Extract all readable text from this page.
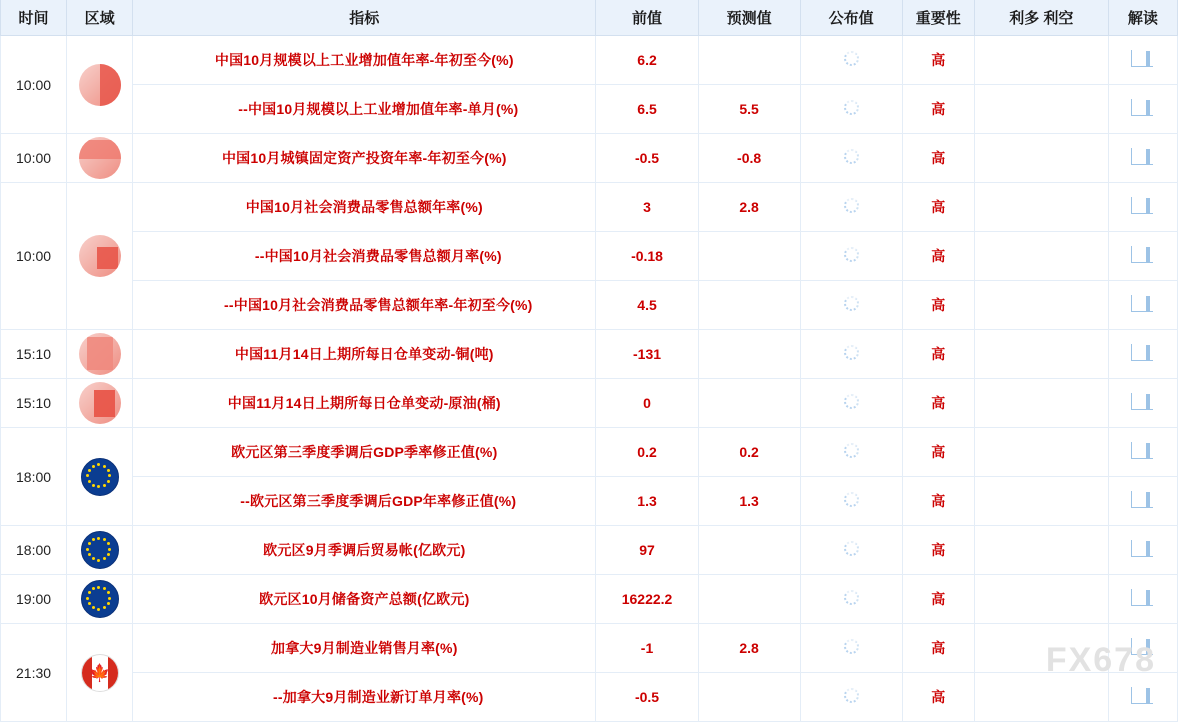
时间	区域	指标	前值	预测值	公布值	重要性	利多 利空	解读
10:00		中国10月规模以上工业增加值年率-年初至今(%)	6.2			高		

		--中国10月规模以上工业增加值年率-单月(%)	6.5	5.5		高		

10:00		中国10月城镇固定资产投资年率-年初至今(%)	-0.5	-0.8		高		

10:00		中国10月社会消费品零售总额年率(%)	3	2.8		高		

		--中国10月社会消费品零售总额月率(%)	-0.18			高		

		--中国10月社会消费品零售总额年率-年初至今(%)	4.5			高		

15:10		中国11月14日上期所每日仓单变动-铜(吨)	-131			高		

15:10		中国11月14日上期所每日仓单变动-原油(桶)	0			高		

18:00		欧元区第三季度季调后GDP季率修正值(%)	0.2	0.2		高		

		--欧元区第三季度季调后GDP年率修正值(%)	1.3	1.3		高		

18:00		欧元区9月季调后贸易帐(亿欧元)	97			高		

19:00		欧元区10月储备资产总额(亿欧元)	16222.2			高		

21:30	🍁	加拿大9月制造业销售月率(%)	-1	2.8		高		

		--加拿大9月制造业新订单月率(%)	-0.5			高		
FX678
